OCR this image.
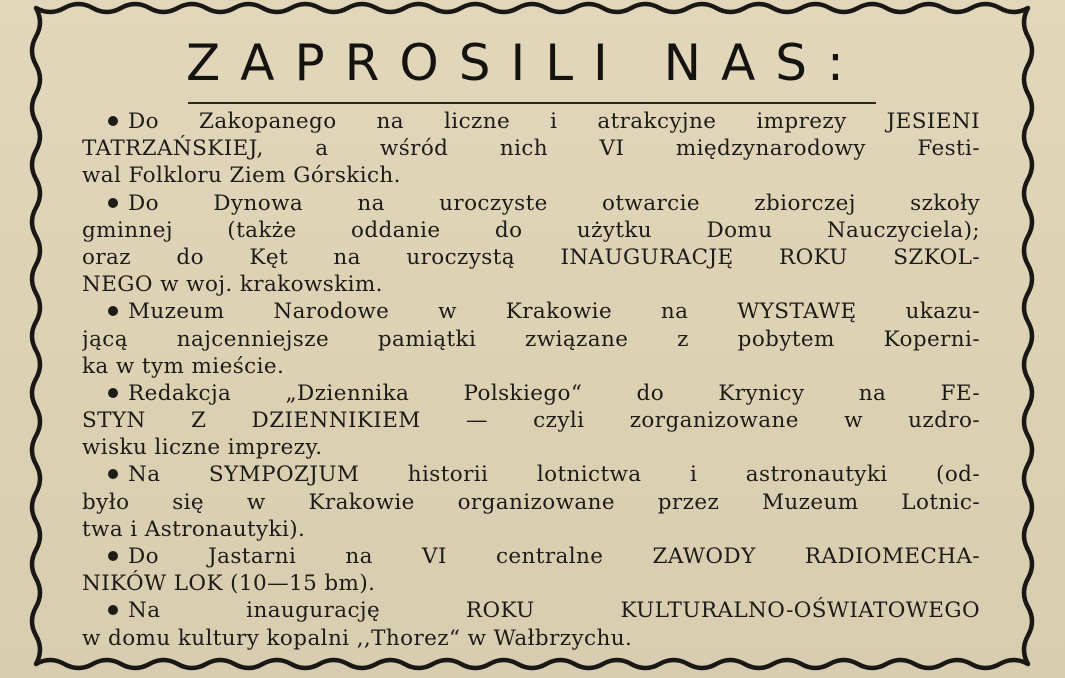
ZAPROSILI NAS:
Do Zakopanego na liczne i atrakcyjne imprezy JESIENI
TATRZAŃSKIEJ, a wśród nich VI międzynarodowy Festi-
wal Folkloru Ziem Górskich.
Do Dynowa na uroczyste otwarcie zbiorczej szkoły
gminnej (także oddanie do użytku Domu Nauczyciela);
oraz do Kęt na uroczystą INAUGURACJĘ ROKU SZKOL-
NEGO w woj. krakowskim.
Muzeum Narodowe w Krakowie na WYSTAWĘ ukazu-
jącą najcenniejsze pamiątki związane z pobytem Koperni-
ka w tym mieście.
Redakcja „Dziennika Polskiego“ do Krynicy na FE-
STYN Z DZIENNIKIEM — czyli zorganizowane w uzdro-
wisku liczne imprezy.
Na SYMPOZJUM historii lotnictwa i astronautyki (od-
było się w Krakowie organizowane przez Muzeum Lotnic-
twa i Astronautyki).
Do Jastarni na VI centralne ZAWODY RADIOMECHA-
NIKÓW LOK (10—15 bm).
Na inaugurację ROKU KULTURALNO-OŚWIATOWEGO
w domu kultury kopalni ,,Thorez“ w Wałbrzychu.
